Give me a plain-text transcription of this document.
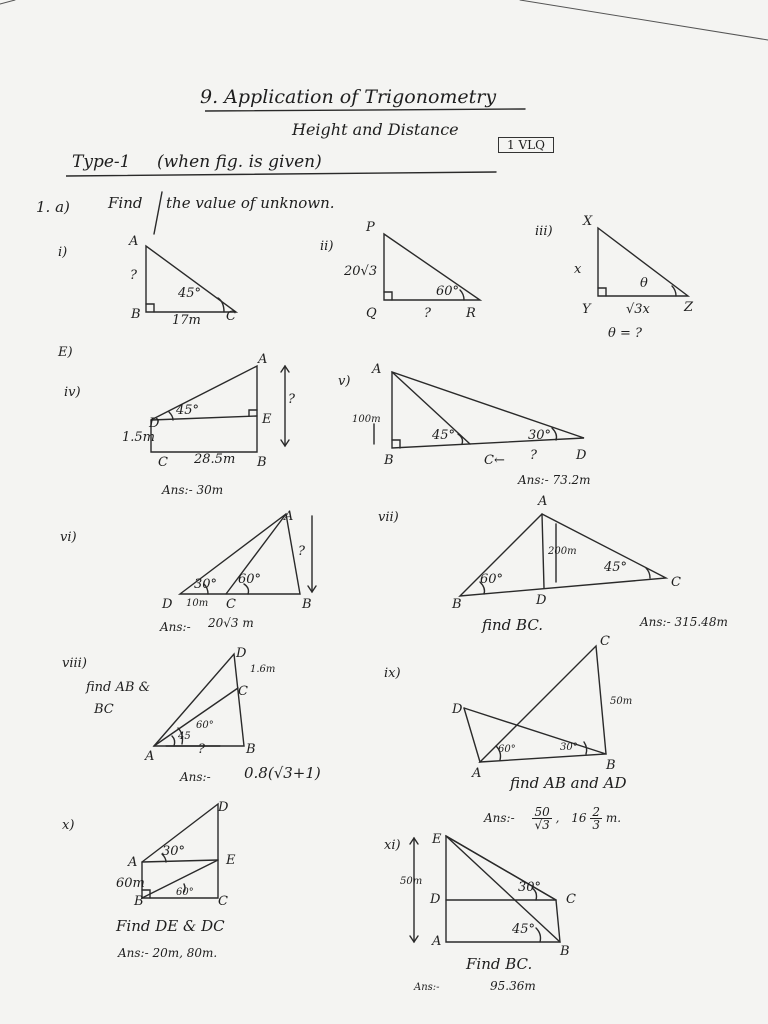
9. Application of Trigonometry
Height and Distance
1 VLQ
Type-1 (when fig. is given)
1. a)	Find the value of unknown.
i)
A
?
45°
B	C
17m
ii)
P
20√3
60°
Q	?	R
iii)
X
x
θ
Y	√3x	Z
θ = ?
E)
iv)
A
45°
D	E
?
1.5m
C 28.5m B
Ans:- 30m
v)
A
100m
45°	30°
B	C← ?	D
Ans:- 73.2m
vi)
A
?
30° 60°
D 10m C	B
Ans:- 20√3 m
vii)
A
200m
45°
60°	C
B	D
find BC.	Ans:- 315.48m
viii)
find AB &
BC
D
1.6m
C
60°
45
A	?	B
Ans:- 0.8(√3+1)
ix)
C
50m
D
60°	30°
B
A
find AB and AD
Ans:- $\frac{50}{√3}$ , $16 \frac{2}{3} m$.
x)
D
30°
A	E
60m
60°
B	C
Find DE & DC
Ans:- 20m, 80m.
xi) E
50m	30°
D	C
45°
A
B
Find BC.
Ans:-	95.36m
